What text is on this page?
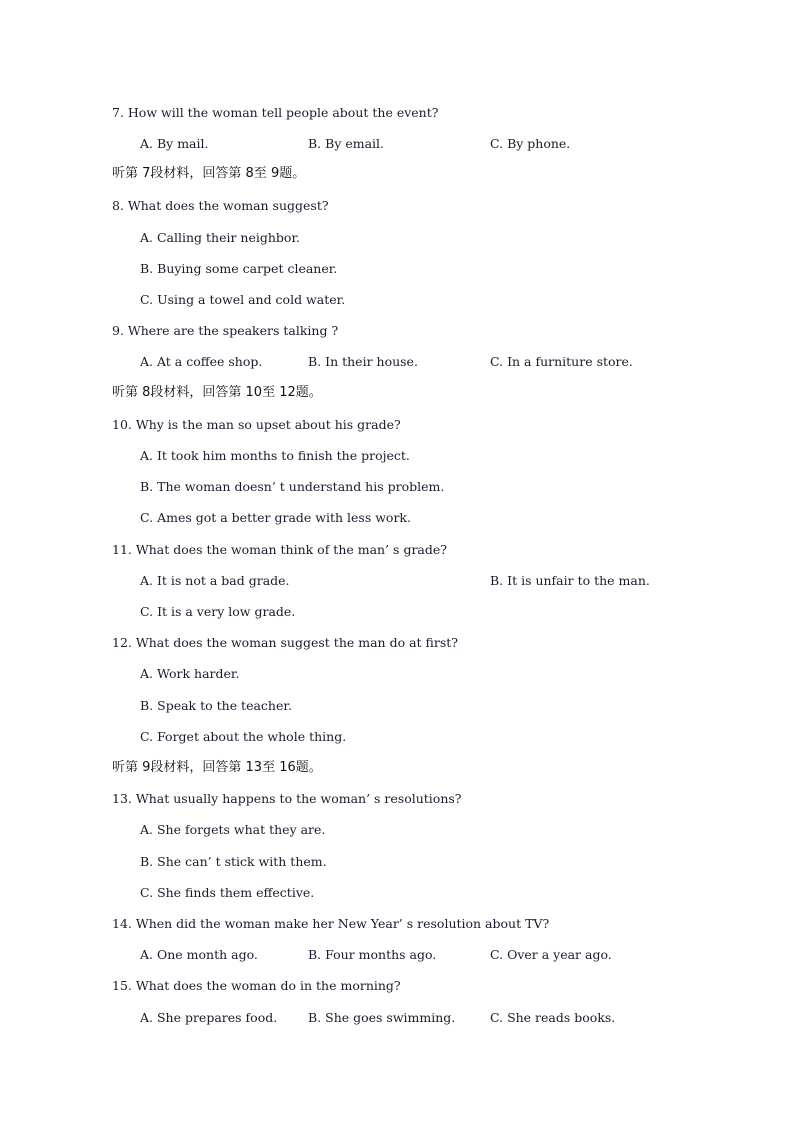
7. How will the woman tell people about the event?
A. By mail.	B. By email.	C. By phone.
听第 7段材料，回答第 8至 9题。
8. What does the woman suggest?
A. Calling their neighbor.
B. Buying some carpet cleaner.
C. Using a towel and cold water.
9. Where are the speakers talking ?
A. At a coffee shop.	B. In their house.	C. In a furniture store.
听第 8段材料，回答第 10至 12题。
10. Why is the man so upset about his grade?
A. It took him months to finish the project.
B. The woman doesn’ t understand his problem.
C. Ames got a better grade with less work.
11. What does the woman think of the man’ s grade?
A. It is not a bad grade.	B. It is unfair to the man.
C. It is a very low grade.
12. What does the woman suggest the man do at first?
A. Work harder.
B. Speak to the teacher.
C. Forget about the whole thing.
听第 9段材料，回答第 13至 16题。
13. What usually happens to the woman’ s resolutions?
A. She forgets what they are.
B. She can’ t stick with them.
C. She finds them effective.
14. When did the woman make her New Year’ s resolution about TV?
A. One month ago.	B. Four months ago.	C. Over a year ago.
15. What does the woman do in the morning?
A. She prepares food. B. She goes swimming.	C. She reads books.
